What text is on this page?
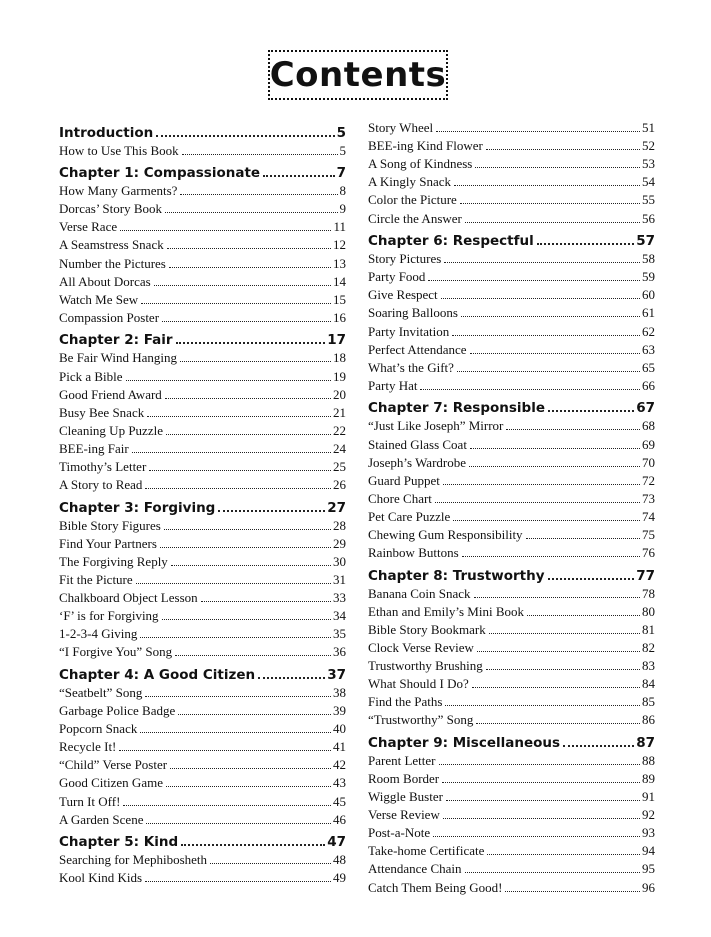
Contents
Introduction	5
How to Use This Book	5
Chapter 1: Compassionate	7
How Many Garments?	8
Dorcas’ Story Book	9
Verse Race	11
A Seamstress Snack	12
Number the Pictures	13
All About Dorcas	14
Watch Me Sew	15
Compassion Poster	16
Chapter 2: Fair	17
Be Fair Wind Hanging	18
Pick a Bible	19
Good Friend Award	20
Busy Bee Snack	21
Cleaning Up Puzzle	22
BEE-ing Fair	24
Timothy’s Letter	25
A Story to Read	26
Chapter 3: Forgiving	27
Bible Story Figures	28
Find Your Partners	29
The Forgiving Reply	30
Fit the Picture	31
Chalkboard Object Lesson	33
‘F’ is for Forgiving	34
1-2-3-4 Giving	35
“I Forgive You” Song	36
Chapter 4: A Good Citizen	37
“Seatbelt” Song	38
Garbage Police Badge	39
Popcorn Snack	40
Recycle It!	41
“Child” Verse Poster	42
Good Citizen Game	43
Turn It Off!	45
A Garden Scene	46
Chapter 5: Kind	47
Searching for Mephibosheth	48
Kool Kind Kids	49
Story Wheel	51
BEE-ing Kind Flower	52
A Song of Kindness	53
A Kingly Snack	54
Color the Picture	55
Circle the Answer	56
Chapter 6: Respectful	57
Story Pictures	58
Party Food	59
Give Respect	60
Soaring Balloons	61
Party Invitation	62
Perfect Attendance	63
What’s the Gift?	65
Party Hat	66
Chapter 7: Responsible	67
“Just Like Joseph” Mirror	68
Stained Glass Coat	69
Joseph’s Wardrobe	70
Guard Puppet	72
Chore Chart	73
Pet Care Puzzle	74
Chewing Gum Responsibility	75
Rainbow Buttons	76
Chapter 8: Trustworthy	77
Banana Coin Snack	78
Ethan and Emily’s Mini Book	80
Bible Story Bookmark	81
Clock Verse Review	82
Trustworthy Brushing	83
What Should I Do?	84
Find the Paths	85
“Trustworthy” Song	86
Chapter 9: Miscellaneous	87
Parent Letter	88
Room Border	89
Wiggle Buster	91
Verse Review	92
Post-a-Note	93
Take-home Certificate	94
Attendance Chain	95
Catch Them Being Good!	96
